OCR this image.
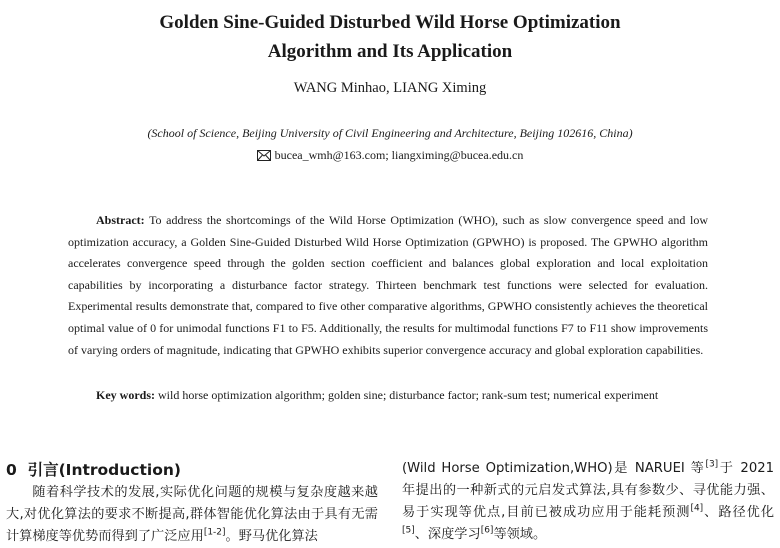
Golden Sine-Guided Disturbed Wild Horse Optimization
Algorithm and Its Application
WANG Minhao, LIANG Ximing
(School of Science, Beijing University of Civil Engineering and Architecture, Beijing 102616, China)
bucea_wmh@163.com; liangximing@bucea.edu.cn
Abstract: To address the shortcomings of the Wild Horse Optimization (WHO), such as slow convergence speed and low optimization accuracy, a Golden Sine-Guided Disturbed Wild Horse Optimization (GPWHO) is proposed. The GPWHO algorithm accelerates convergence speed through the golden section coefficient and balances global exploration and local exploitation capabilities by incorporating a disturbance factor strategy. Thirteen benchmark test functions were selected for evaluation. Experimental results demonstrate that, compared to five other comparative algorithms, GPWHO consistently achieves the theoretical optimal value of 0 for unimodal functions F1 to F5. Additionally, the results for multimodal functions F7 to F11 show improvements of varying orders of magnitude, indicating that GPWHO exhibits superior convergence accuracy and global exploration capabilities.
Key words: wild horse optimization algorithm; golden sine; disturbance factor; rank-sum test; numerical experiment
0 引言(Introduction)

随着科学技术的发展,实际优化问题的规模与复杂度越来越大,对优化算法的要求不断提高,群体智能优化算法由于具有无需计算梯度等优势而得到了广泛应用[1-2]。野马优化算法

(Wild Horse Optimization,WHO)是 NARUEI 等[3]于 2021 年提出的一种新式的元启发式算法,具有参数少、寻优能力强、易于实现等优点,目前已被成功应用于能耗预测[4]、路径优化[5]、深度学习[6]等领域。
